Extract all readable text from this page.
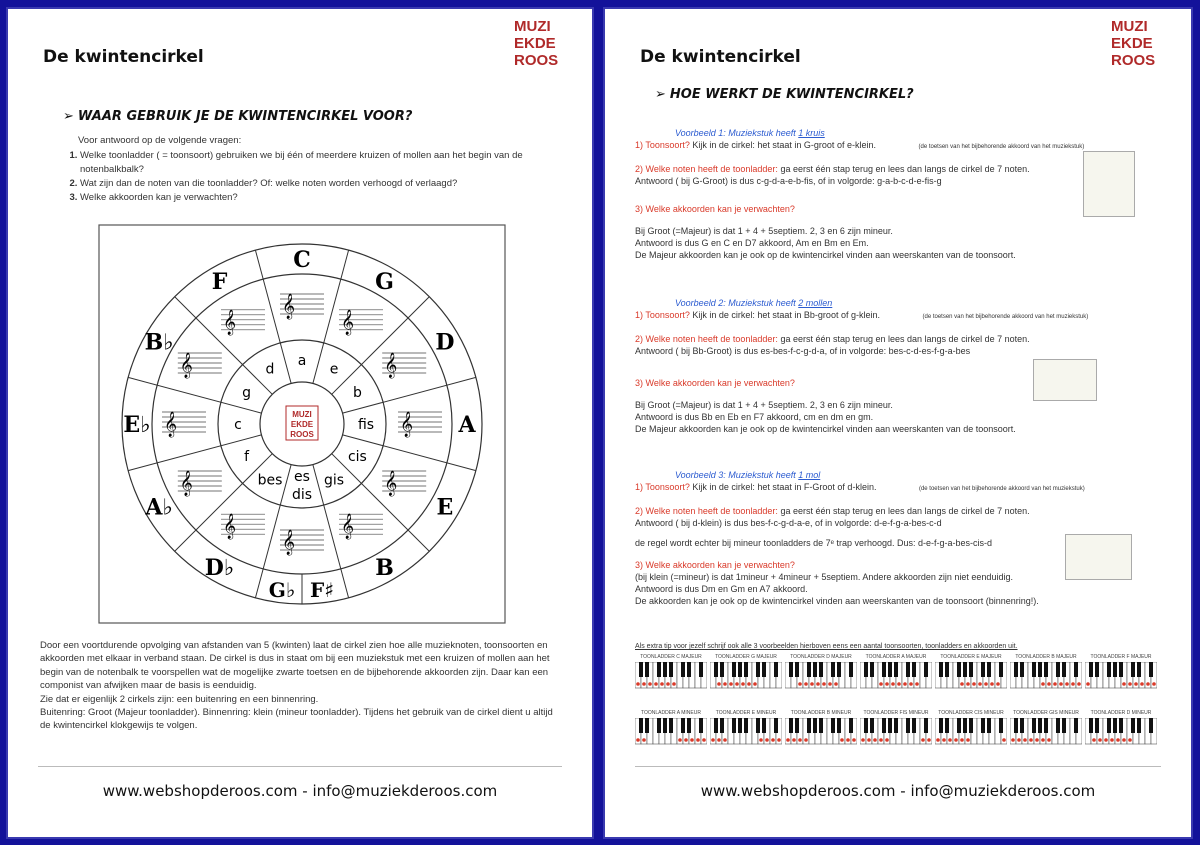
De kwintencirkel
MUZI
EKDE
ROOS
➢ WAAR GEBRUIK JE DE KWINTENCIRKEL VOOR?
Voor antwoord op de volgende vragen:
1. Welke toonladder ( = toonsoort) gebruiken we bij één of meerdere kruizen of mollen aan het begin van de notenbalkbalk?
2. Wat zijn dan de noten van die toonladder? Of: welke noten worden verhoogd of verlaagd?
3. Welke akkoorden kan je verwachten?
C
G
D
A
E
B
G♭ F♯
D♭
A♭
E♭
B♭
F
𝄞
𝄞
𝄞
𝄞
𝄞
𝄞
𝄞
𝄞
𝄞
𝄞
𝄞
𝄞
a
e
b
fis
cis
gis
dis
es
bes
f
c
g
d
MUZI
EKDE
ROOS

Door een voortdurende opvolging van afstanden van 5 (kwinten) laat de cirkel zien hoe alle muzieknoten, toonsoorten en akkoorden met elkaar in verband staan. De cirkel is dus in staat om bij een muziekstuk met een kruizen of mollen aan het begin van de notenbalk te voorspellen wat de mogelijke zwarte toetsen en de bijbehorende akkoorden zijn. Daar kan een componist van afwijken maar de basis is eenduidig.

Zie dat er eigenlijk 2 cirkels zijn: een buitenring en een binnenring.

Buitenring: Groot (Majeur toonladder). Binnenring: klein (mineur toonladder). Tijdens het gebruik van de cirkel dient u altijd de kwintencirkel klokgewijs te volgen.

www.webshopderoos.com - info@muziekderoos.com
De kwintencirkel
MUZI
EKDE
ROOS
➢ HOE WERKT DE KWINTENCIRKEL?
Voorbeeld 1: Muziekstuk heeft 1 kruis
1) Toonsoort? Kijk in de cirkel: het staat in G-groot of e-klein.	(de toetsen van het bijbehorende akkoord van het muziekstuk)
2) Welke noten heeft de toonladder: ga eerst één stap terug en lees dan langs de cirkel de 7 noten.
Antwoord ( bij G-Groot) is dus c-g-d-a-e-b-fis, of in volgorde: g-a-b-c-d-e-fis-g
3) Welke akkoorden kan je verwachten?
Bij Groot (=Majeur) is dat 1 + 4 + 5septiem. 2, 3 en 6 zijn mineur.
Antwoord is dus G en C en D7 akkoord, Am en Bm en Em.
De Majeur akkoorden kan je ook op de kwintencirkel vinden aan weerskanten van de toonsoort.
Voorbeeld 2: Muziekstuk heeft 2 mollen
1) Toonsoort? Kijk in de cirkel: het staat in Bb-groot of g-klein.	(de toetsen van het bijbehorende akkoord van het muziekstuk)
2) Welke noten heeft de toonladder: ga eerst één stap terug en lees dan langs de cirkel de 7 noten.
Antwoord ( bij Bb-Groot) is dus es-bes-f-c-g-d-a, of in volgorde: bes-c-d-es-f-g-a-bes
3) Welke akkoorden kan je verwachten?
Bij Groot (=Majeur) is dat 1 + 4 + 5septiem. 2, 3 en 6 zijn mineur.
Antwoord is dus Bb en Eb en F7 akkoord, cm en dm en gm.
De Majeur akkoorden kan je ook op de kwintencirkel vinden aan weerskanten van de toonsoort.
Voorbeeld 3: Muziekstuk heeft 1 mol
1) Toonsoort? Kijk in de cirkel: het staat in F-Groot of d-klein.	(de toetsen van het bijbehorende akkoord van het muziekstuk)
2) Welke noten heeft de toonladder: ga eerst één stap terug en lees dan langs de cirkel de 7 noten.
Antwoord ( bij d-klein) is dus bes-f-c-g-d-a-e, of in volgorde: d-e-f-g-a-bes-c-d
de regel wordt echter bij mineur toonladders de 7ᵉ trap verhoogd. Dus: d-e-f-g-a-bes-cis-d
3) Welke akkoorden kan je verwachten?
(bij klein (=mineur) is dat 1mineur + 4mineur + 5septiem. Andere akkoorden zijn niet eenduidig.
Antwoord is dus Dm en Gm en A7 akkoord.
De akkoorden kan je ook op de kwintencirkel vinden aan weerskanten van de toonsoort (binnenring!).
Als extra tip voor jezelf schrijf ook alle 3 voorbeelden hierboven eens een aantal toonsoorten, toonladders en akkoorden uit.
TOONLADDER C MAJEUR	TOONLADDER G MAJEUR	TOONLADDER D MAJEUR	TOONLADDER A MAJEUR	TOONLADDER E MAJEUR	TOONLADDER B MAJEUR	TOONLADDER F MAJEUR
TOONLADDER A MINEUR	TOONLADDER E MINEUR	TOONLADDER B MINEUR	TOONLADDER FIS MINEUR	TOONLADDER CIS MINEUR	TOONLADDER GIS MINEUR	TOONLADDER D MINEUR
www.webshopderoos.com - info@muziekderoos.com
